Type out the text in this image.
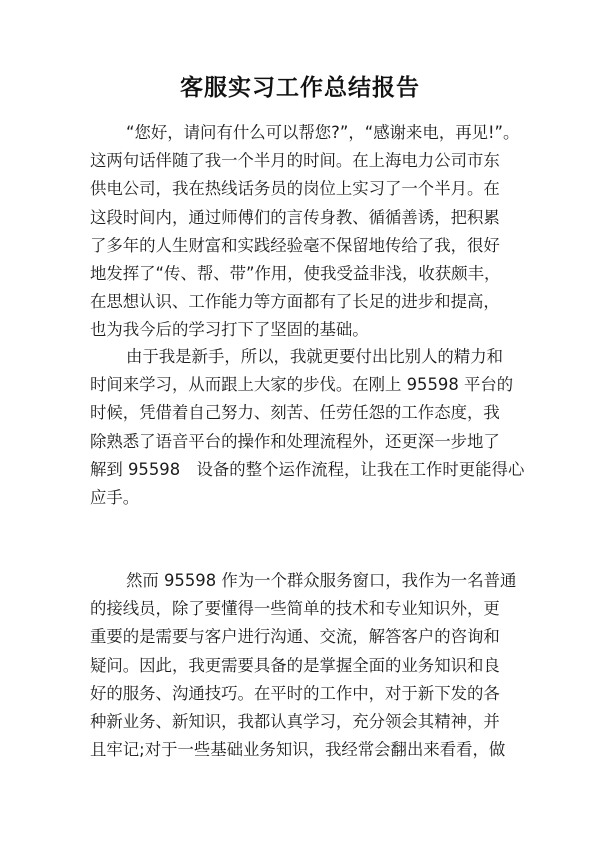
客服实习工作总结报告

“您好，请问有什么可以帮您?”，“感谢来电，再见!”。
这两句话伴随了我一个半月的时间。在上海电力公司市东
供电公司，我在热线话务员的岗位上实习了一个半月。在
这段时间内，通过师傅们的言传身教、循循善诱，把积累
了多年的人生财富和实践经验毫不保留地传给了我，很好
地发挥了“传、帮、带”作用，使我受益非浅，收获颇丰，
在思想认识、工作能力等方面都有了长足的进步和提高，
也为我今后的学习打下了坚固的基础。

由于我是新手，所以，我就更要付出比别人的精力和
时间来学习，从而跟上大家的步伐。在刚上 95598 平台的
时候，凭借着自己努力、刻苦、任劳任怨的工作态度，我
除熟悉了语音平台的操作和处理流程外，还更深一步地了
解到 95598　设备的整个运作流程，让我在工作时更能得心
应手。

然而 95598 作为一个群众服务窗口，我作为一名普通
的接线员，除了要懂得一些简单的技术和专业知识外，更
重要的是需要与客户进行沟通、交流，解答客户的咨询和
疑问。因此，我更需要具备的是掌握全面的业务知识和良
好的服务、沟通技巧。在平时的工作中，对于新下发的各
种新业务、新知识，我都认真学习，充分领会其精神，并
且牢记;对于一些基础业务知识，我经常会翻出来看看，做
